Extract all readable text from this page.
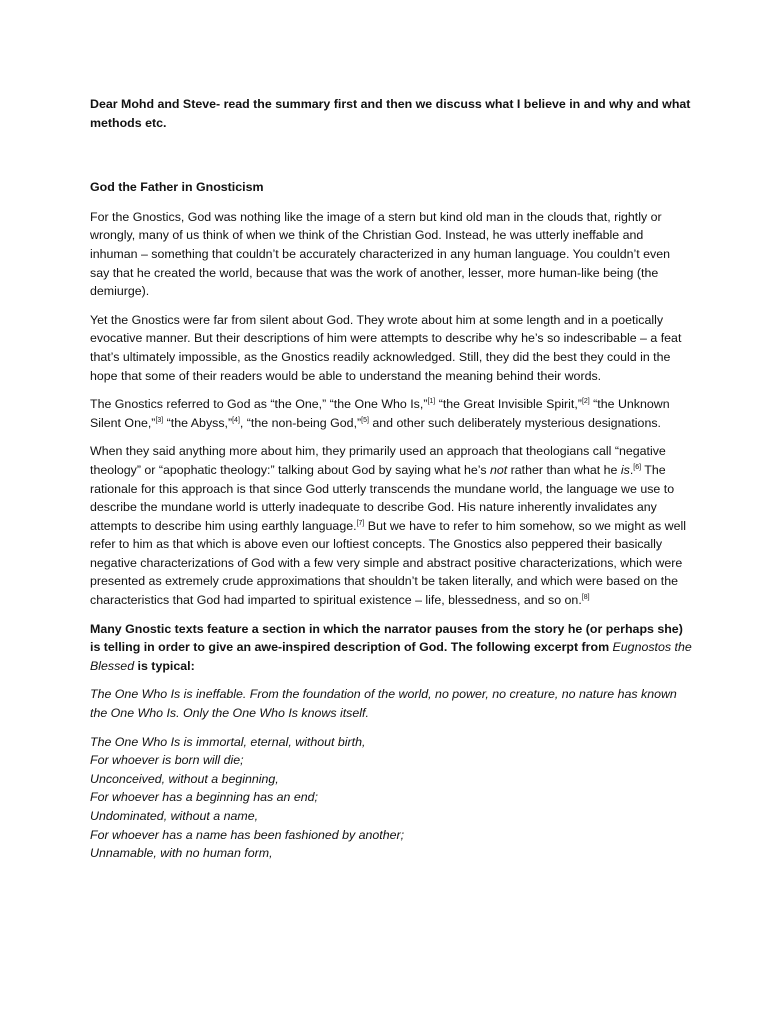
Dear Mohd and Steve- read the summary first and then we discuss what I believe in and why and what methods etc.

God the Father in Gnosticism

For the Gnostics, God was nothing like the image of a stern but kind old man in the clouds that, rightly or wrongly, many of us think of when we think of the Christian God. Instead, he was utterly ineffable and inhuman – something that couldn’t be accurately characterized in any human language. You couldn’t even say that he created the world, because that was the work of another, lesser, more human-like being (the demiurge).

Yet the Gnostics were far from silent about God. They wrote about him at some length and in a poetically evocative manner. But their descriptions of him were attempts to describe why he’s so indescribable – a feat that’s ultimately impossible, as the Gnostics readily acknowledged. Still, they did the best they could in the hope that some of their readers would be able to understand the meaning behind their words.

The Gnostics referred to God as “the One,” “the One Who Is,”[1] “the Great Invisible Spirit,”[2] “the Unknown Silent One,”[3] “the Abyss,”[4], “the non-being God,”[5] and other such deliberately mysterious designations.

When they said anything more about him, they primarily used an approach that theologians call “negative theology” or “apophatic theology:” talking about God by saying what he’s not rather than what he is.[6] The rationale for this approach is that since God utterly transcends the mundane world, the language we use to describe the mundane world is utterly inadequate to describe God. His nature inherently invalidates any attempts to describe him using earthly language.[7] But we have to refer to him somehow, so we might as well refer to him as that which is above even our loftiest concepts. The Gnostics also peppered their basically negative characterizations of God with a few very simple and abstract positive characterizations, which were presented as extremely crude approximations that shouldn’t be taken literally, and which were based on the characteristics that God had imparted to spiritual existence – life, blessedness, and so on.[8]

Many Gnostic texts feature a section in which the narrator pauses from the story he (or perhaps she) is telling in order to give an awe-inspired description of God. The following excerpt from Eugnostos the Blessed is typical:

The One Who Is is ineffable. From the foundation of the world, no power, no creature, no nature has known the One Who Is. Only the One Who Is knows itself.

The One Who Is is immortal, eternal, without birth,
For whoever is born will die;
Unconceived, without a beginning,
For whoever has a beginning has an end;
Undominated, without a name,
For whoever has a name has been fashioned by another;
Unnamable, with no human form,
